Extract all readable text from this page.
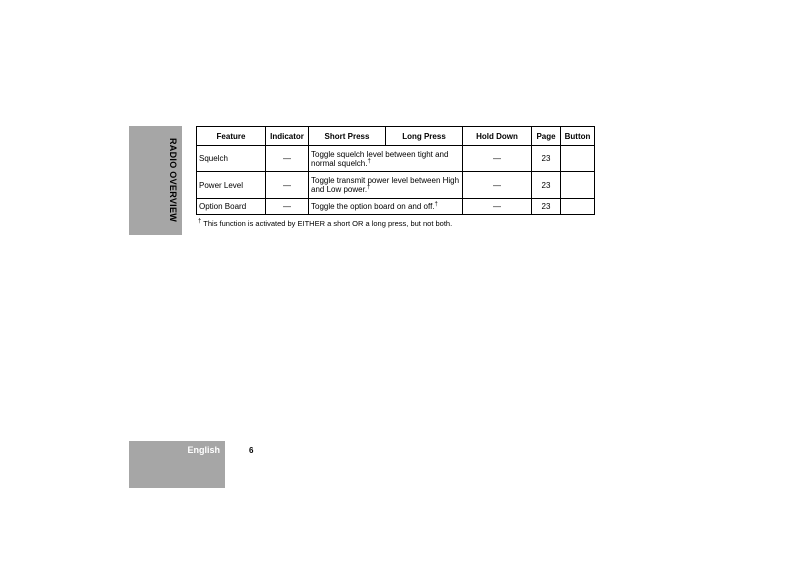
RADIO OVERVIEW
Feature	Indicator	Short Press	Long Press	Hold Down	Page	Button
Squelch	—	Toggle squelch level between tight and normal squelch.†		—	23	
Power Level	—	Toggle transmit power level between High and Low power.†		—	23	
Option Board	—	Toggle the option board on and off.†		—	23	
† This function is activated by EITHER a short OR a long press, but not both.
English	6
